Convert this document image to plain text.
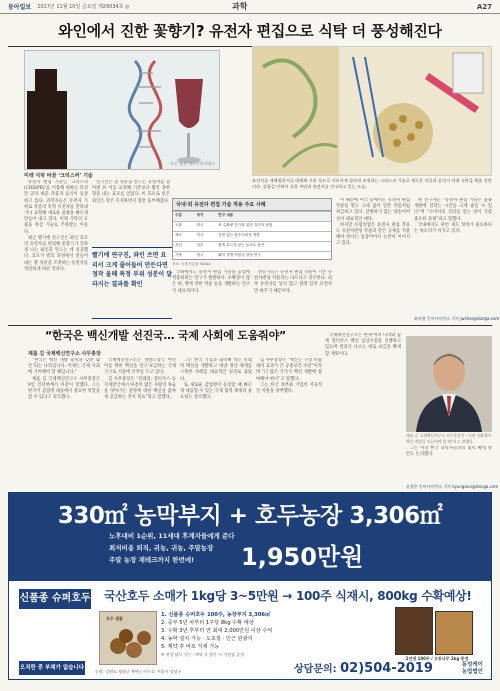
동아일보 2017년 11월 10일 금요일 제29034호 ◎	과학	A27
와인에서 진한 꽃향기? 유전자 편집으로 식탁 더 풍성해진다
사진 출처 게티이미지뱅크
미래 식탁 바꿀 ‘크리스퍼’ 기술
유전자를 재배열하거나 대체해 가위 정도로 자유자재 잘라내 조정하는 크리스퍼 기술로 새로운 작물과 음식이 미래 식탁을 채울 전망이다. 실험실 안에서 식물 씨앗과 유전자를 연구하고 있는 모습.

유전자 편집 기술인 ‘크리스퍼(CRISPR)’를 이용해 원하는 특성만 골라 바꾼 작물과 음식이 등장하고 있다. 과학자들은 유전자 가위로 작물의 특정 유전자를 잘라내거나 교정해 새로운 품종을 빠르게 만들어 내고 있다. 미래 식탁의 모습을 바꿀 기술로 주목받는 이유다.

최근 벨기에 연구진은 와인 효모의 유전자를 편집해 꽃향기가 진하게 나는 와인을 만드는 데 성공했다. 효모가 발효 과정에서 만들어 내는 향 성분을 조절하는 유전자를 정밀하게 바꾼 결과다.

연구진은 향 성분을 만드는 유전자를 찾아낸 뒤 이를 교정해 기존보다 훨씬 강한 향을 내는 효모를 얻었다. 이 효모로 빚은 와인은 맛은 유지하면서 향만 풍부해졌다.

빨기에 연구진, 와인 쓰면 요리서 크게 줄어들어 만든다면 정작 올해 특정 부위 성분이 달라지는 결과를 확인
국내·외 유전자 편집 기술 적용 주요 사례
구분	국가	연구 내용
곡물	한국	벼 수확량 증가를 위한 유전자 편집
채소	미국	갈변 없는 양송이버섯 개발
과일	일본	쉽게 무르지 않는 토마토 품종
가축	영국	돼지 질병 저항성 향상 연구
자료: 농촌진흥청·ISAAA

국내에서도 유전자 편집 기술을 농업에 적용하려는 연구가 활발하다. 수확량이 많은 벼, 병에 강한 작물 등을 개발하는 연구가 대표적이다.

전문가들은 유전자 편집 작물이 기존 유전자변형 작물과는 다르다고 강조한다. 외부 유전자를 넣지 않고 원래 있던 유전자만 바꾸기 때문이다.

이 때문에 미국 등에서는 유전자 편집 작물을 별도 규제 없이 일반 작물처럼 취급하고 있다. 갈변하지 않는 양송이버섯이 대표적인 예다.

하지만 유럽연합은 유전자 편집 작물도 유전자변형 작물과 같은 규제를 적용해야 한다는 입장이어서 논란이 이어지고 있다.

한 연구자는 “유전자 편집 기술은 품종 개발에 걸리는 시간을 크게 줄일 수 있다”며 “소비자의 신뢰를 얻는 것이 가장 중요한 과제”라고 말했다.

국내에서도 관련 제도 정비가 필요하다는 목소리가 커지고 있다.

최지원 동아사이언스 기자 jwchoi@donga.com
“한국은 백신개발 선진국… 국제 사회에 도움줘야”
제롬 김 국제백신연구소 사무총장

“한국은 백신 개발 능력을 갖춘 몇 안 되는 나라입니다. 이제는 국제 사회에 기여해야 할 때입니다.”

제롬 김 국제백신연구소 사무총장은 9일 인터뷰에서 이같이 말했다. 그는 한국이 감염병 대응에서 중요한 역할을 할 수 있다고 강조했다.

국제백신연구소는 개발도상국 어린이를 위한 백신을 연구·보급하는 국제기구로 서울에 본부를 두고 있다.

김 사무총장은 “콜레라, 장티푸스 등 저개발국에서 여전히 많은 사람의 목숨을 앗아가는 질병에 대한 백신을 값싸게 공급하는 것이 목표”라고 말했다.

그는 한국 기업과 협력해 먹는 콜레라 백신을 개발하고 대량 생산 체계를 구축한 사례를 대표적인 성과로 꼽았다.

또 새로운 감염병이 등장할 때 빠르게 대응할 수 있는 국제 협력 체계의 중요성도 강조했다.

김 사무총장은 “백신은 가장 비용 대비 효과가 큰 공중보건 수단”이라며 “더 많은 국가가 백신 개발에 참여해야 한다”고 말했다.

그는 한국 정부와 기업의 지속적인 지원을 당부했다.

국제백신연구소는 현재 여러 나라와 함께 장티푸스 백신 임상시험을 진행하고 있으며 결과가 나오는 대로 보급을 확대할 계획이다.

제롬 김 국제백신연구소 사무총장은 “국제 사회에서 백신 개발을 이끌어야 할 때”라고 말했다.

그는 이날 한국 과학자들과의 협력 확대 방안도 논의했다.

송경은 동아사이언스 기자 kyungeun@donga.com
330㎡ 농막부지 + 호두농장 3,306㎡
노후대비 1순위, 11세대 후계자들에게 준다
최저비용 퇴직, 귀농, 귀농, 주말농장
주말 농장 재테크까지 한번에! 1,950만원
신품종 슈퍼호두 국산호두 소매가 1kg당 3~5만원 → 100주 식재시, 800kg 수확예상!
호두 샘플
1. 신품종 슈퍼호두 100주, 농장부지 3,306㎡
2. 중부 5년 차부터 1주당 8kg 수확 예상
3. 수확 3년 후부터 연 최대 2,000만원 이상 수익
4. 농막 설치 가능 · 도로접 · 인근 관광지
5. 계약 후 바로 식재 가능
※ 현장 답사 가능 · 예약 후 방문 시 기념품 증정
2년생 100주 / 오동나무 2kg 증정
오직한 중 부채가 없습니다	농장: 강원도 영월군 북면 / 사무소: 서울시 강남구	상담문의: 02)504-2019	동성케이
농업법인
